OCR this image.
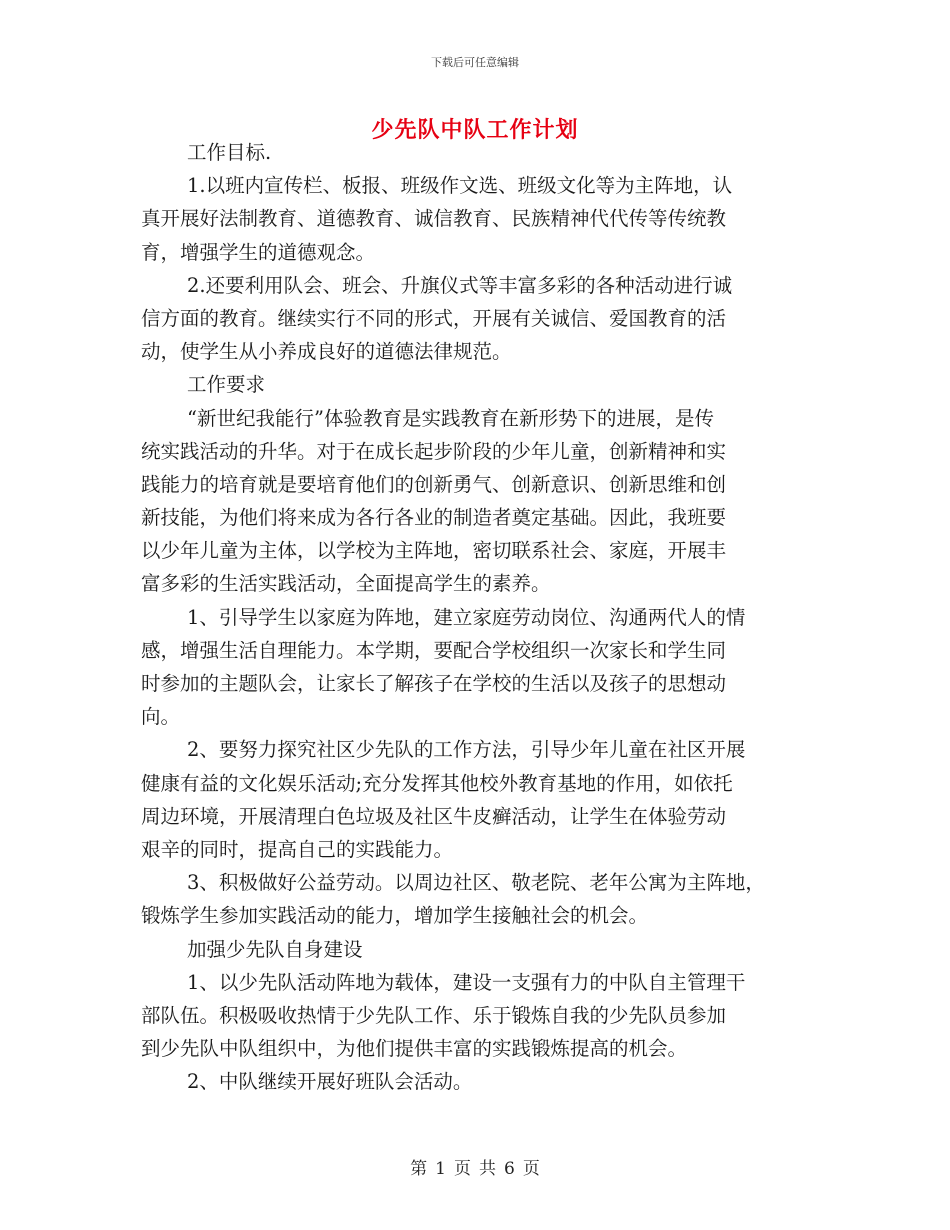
下载后可任意编辑
少先队中队工作计划
工作目标.
1.以班内宣传栏、板报、班级作文选、班级文化等为主阵地，认
真开展好法制教育、道德教育、诚信教育、民族精神代代传等传统教
育，增强学生的道德观念。
2.还要利用队会、班会、升旗仪式等丰富多彩的各种活动进行诚
信方面的教育。继续实行不同的形式，开展有关诚信、爱国教育的活
动，使学生从小养成良好的道德法律规范。
工作要求
“新世纪我能行”体验教育是实践教育在新形势下的进展，是传
统实践活动的升华。对于在成长起步阶段的少年儿童，创新精神和实
践能力的培育就是要培育他们的创新勇气、创新意识、创新思维和创
新技能，为他们将来成为各行各业的制造者奠定基础。因此，我班要
以少年儿童为主体，以学校为主阵地，密切联系社会、家庭，开展丰
富多彩的生活实践活动，全面提高学生的素养。
1、引导学生以家庭为阵地，建立家庭劳动岗位、沟通两代人的情
感，增强生活自理能力。本学期，要配合学校组织一次家长和学生同
时参加的主题队会，让家长了解孩子在学校的生活以及孩子的思想动
向。
2、要努力探究社区少先队的工作方法，引导少年儿童在社区开展
健康有益的文化娱乐活动;充分发挥其他校外教育基地的作用，如依托
周边环境，开展清理白色垃圾及社区牛皮癣活动，让学生在体验劳动
艰辛的同时，提高自己的实践能力。
3、积极做好公益劳动。以周边社区、敬老院、老年公寓为主阵地，
锻炼学生参加实践活动的能力，增加学生接触社会的机会。
加强少先队自身建设
1、以少先队活动阵地为载体，建设一支强有力的中队自主管理干
部队伍。积极吸收热情于少先队工作、乐于锻炼自我的少先队员参加
到少先队中队组织中，为他们提供丰富的实践锻炼提高的机会。
2、中队继续开展好班队会活动。
第 1 页 共 6 页
